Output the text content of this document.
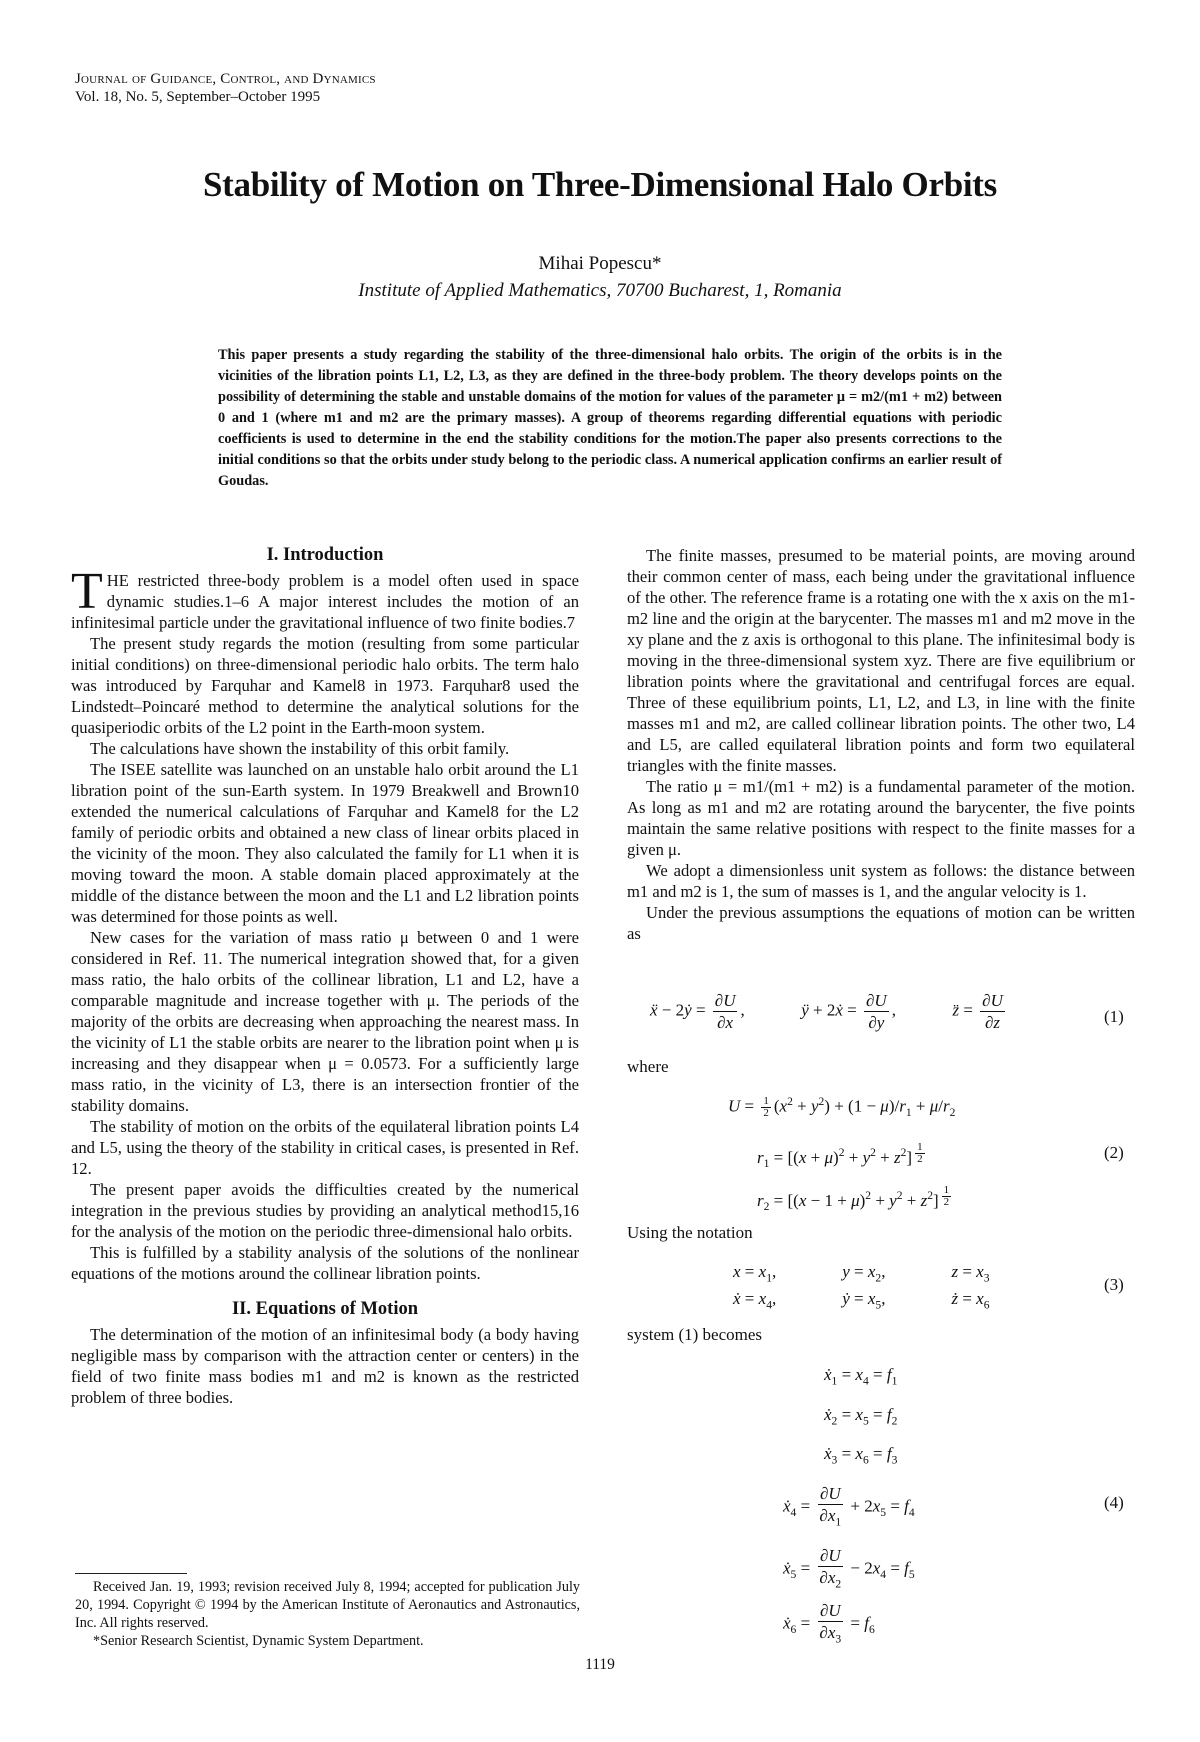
Journal of Guidance, Control, and Dynamics
Vol. 18, No. 5, September–October 1995
Stability of Motion on Three-Dimensional Halo Orbits
Mihai Popescu*
Institute of Applied Mathematics, 70700 Bucharest, 1, Romania
This paper presents a study regarding the stability of the three-dimensional halo orbits. The origin of the orbits is in the vicinities of the libration points L1, L2, L3, as they are defined in the three-body problem. The theory develops points on the possibility of determining the stable and unstable domains of the motion for values of the parameter μ = m2/(m1 + m2) between 0 and 1 (where m1 and m2 are the primary masses). A group of theorems regarding differential equations with periodic coefficients is used to determine in the end the stability conditions for the motion.The paper also presents corrections to the initial conditions so that the orbits under study belong to the periodic class. A numerical application confirms an earlier result of Goudas.
I. Introduction

THE restricted three-body problem is a model often used in space dynamic studies.1–6 A major interest includes the motion of an infinitesimal particle under the gravitational influence of two finite bodies.7

The present study regards the motion (resulting from some particular initial conditions) on three-dimensional periodic halo orbits. The term halo was introduced by Farquhar and Kamel8 in 1973. Farquhar8 used the Lindstedt–Poincaré method to determine the analytical solutions for the quasiperiodic orbits of the L2 point in the Earth-moon system.

The calculations have shown the instability of this orbit family.

The ISEE satellite was launched on an unstable halo orbit around the L1 libration point of the sun-Earth system. In 1979 Breakwell and Brown10 extended the numerical calculations of Farquhar and Kamel8 for the L2 family of periodic orbits and obtained a new class of linear orbits placed in the vicinity of the moon. They also calculated the family for L1 when it is moving toward the moon. A stable domain placed approximately at the middle of the distance between the moon and the L1 and L2 libration points was determined for those points as well.

New cases for the variation of mass ratio μ between 0 and 1 were considered in Ref. 11. The numerical integration showed that, for a given mass ratio, the halo orbits of the collinear libration, L1 and L2, have a comparable magnitude and increase together with μ. The periods of the majority of the orbits are decreasing when approaching the nearest mass. In the vicinity of L1 the stable orbits are nearer to the libration point when μ is increasing and they disappear when μ = 0.0573. For a sufficiently large mass ratio, in the vicinity of L3, there is an intersection frontier of the stability domains.

The stability of motion on the orbits of the equilateral libration points L4 and L5, using the theory of the stability in critical cases, is presented in Ref. 12.

The present paper avoids the difficulties created by the numerical integration in the previous studies by providing an analytical method15,16 for the analysis of the motion on the periodic three-dimensional halo orbits.

This is fulfilled by a stability analysis of the solutions of the nonlinear equations of the motions around the collinear libration points.

II. Equations of Motion

The determination of the motion of an infinitesimal body (a body having negligible mass by comparison with the attraction center or centers) in the field of two finite mass bodies m1 and m2 is known as the restricted problem of three bodies.

The finite masses, presumed to be material points, are moving around their common center of mass, each being under the gravitational influence of the other. The reference frame is a rotating one with the x axis on the m1-m2 line and the origin at the barycenter. The masses m1 and m2 move in the xy plane and the z axis is orthogonal to this plane. The infinitesimal body is moving in the three-dimensional system xyz. There are five equilibrium or libration points where the gravitational and centrifugal forces are equal. Three of these equilibrium points, L1, L2, and L3, in line with the finite masses m1 and m2, are called collinear libration points. The other two, L4 and L5, are called equilateral libration points and form two equilateral triangles with the finite masses.

The ratio μ = m1/(m1 + m2) is a fundamental parameter of the motion. As long as m1 and m2 are rotating around the barycenter, the five points maintain the same relative positions with respect to the finite masses for a given μ.

We adopt a dimensionless unit system as follows: the distance between m1 and m2 is 1, the sum of masses is 1, and the angular velocity is 1.

Under the previous assumptions the equations of motion can be written as

ẍ − 2ẏ = $\frac{\partial U}{\partial x}$ ,	ÿ + 2ẋ = $\frac{\partial U}{\partial y}$ ,	z̈ = $\frac{\partial U}{\partial z}$	(1)
where
$U = \frac{1}{2} (x^2 + y^2) + (1 - \mu)/r_1 + \mu/r_2$
$r_1 = [(x + \mu)^2 + y^2 + z^2]$ $^{\frac{1}{2}}$	(2)
$r_2 = [(x - 1 + \mu)^2 + y^2 + z^2]$ $^{\frac{1}{2}}$
Using the notation
$x = x_1$,	$y = x_2$,	$z = x_3$	(3)
ẋ = $x_4$,	ẏ = $x_5$,	ż = $x_6$
system (1) becomes
ẋ$_1$ = $x_4 = f_1$
ẋ$_2$ = $x_5 = f_2$
ẋ$_3$ = $x_6 = f_3$
ẋ$_4$ = $\frac{\partial U}{\partial x_1} + 2x_5 = f_4$
(4)
ẋ$_5$ = $\frac{\partial U}{\partial x_2} - 2x_4 = f_5$
ẋ$_6$ = $\frac{\partial U}{\partial x_3} = f_6$

Received Jan. 19, 1993; revision received July 8, 1994; accepted for publication July 20, 1994. Copyright © 1994 by the American Institute of Aeronautics and Astronautics, Inc. All rights reserved.

*Senior Research Scientist, Dynamic System Department.

1119
